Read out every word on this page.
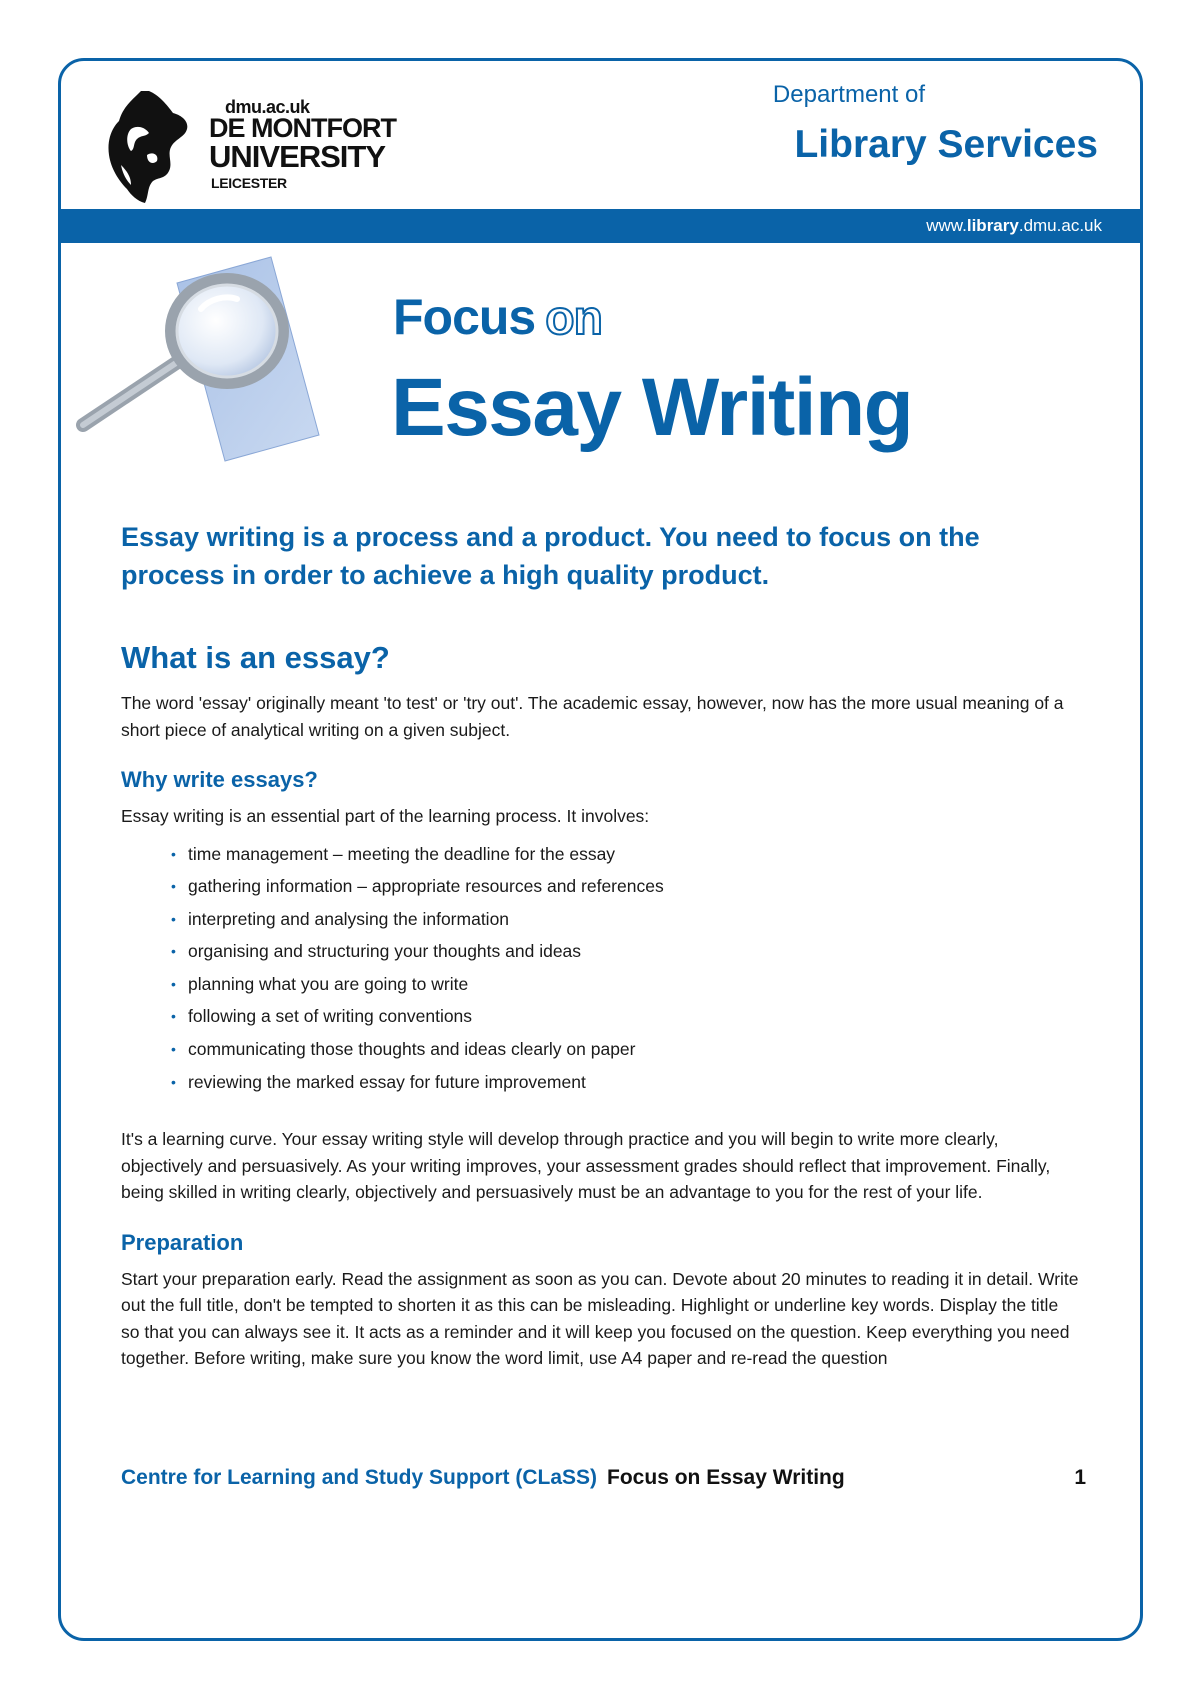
dmu.ac.uk
DE MONTFORT
UNIVERSITY
LEICESTER
Department of
Library Services
www.library.dmu.ac.uk
Focus on
Essay Writing

Essay writing is a process and a product. You need to focus on the process in order to achieve a high quality product.

What is an essay?

The word 'essay' originally meant 'to test' or 'try out'. The academic essay, however, now has the more usual meaning of a short piece of analytical writing on a given subject.

Why write essays?

Essay writing is an essential part of the learning process. It involves:

• time management – meeting the deadline for the essay
• gathering information – appropriate resources and references
• interpreting and analysing the information
• organising and structuring your thoughts and ideas
• planning what you are going to write
• following a set of writing conventions
• communicating those thoughts and ideas clearly on paper
• reviewing the marked essay for future improvement

It's a learning curve. Your essay writing style will develop through practice and you will begin to write more clearly, objectively and persuasively. As your writing improves, your assessment grades should reflect that improvement. Finally, being skilled in writing clearly, objectively and persuasively must be an advantage to you for the rest of your life.

Preparation

Start your preparation early. Read the assignment as soon as you can. Devote about 20 minutes to reading it in detail. Write out the full title, don't be tempted to shorten it as this can be misleading. Highlight or underline key words. Display the title so that you can always see it. It acts as a reminder and it will keep you focused on the question. Keep everything you need together. Before writing, make sure you know the word limit, use A4 paper and re-read the question

Centre for Learning and Study Support (CLaSS) Focus on Essay Writing	1
